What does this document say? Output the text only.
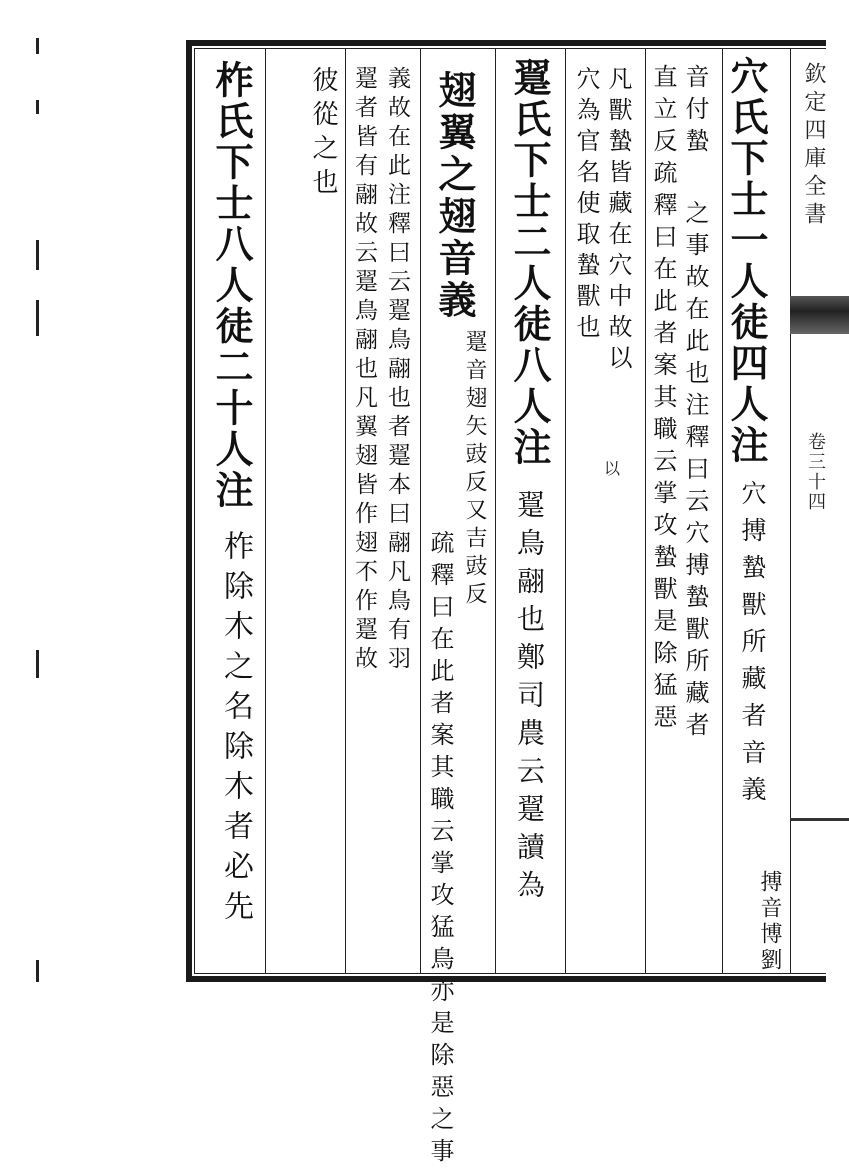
欽定四庫全書
卷三十四
穴氏下士一人徒四人注
穴搏蟄獸所藏者音義
搏音博劉
音付蟄
直立反疏釋曰在此者案其職云掌攻蟄獸是除猛惡 之事故在此也注釋曰云穴搏蟄獸所藏者
凡獸蟄皆藏在穴中故以
穴為官名使取蟄獸也
以
翨氏下士二人徒八人注
翨鳥翮也鄭司農云翨讀為
翅翼之翅音義
翨音翅矢豉反又吉豉反
疏釋曰在此者案其職云掌攻猛鳥亦是除惡之事
義故在此注釋曰云翨鳥翮也者翨本曰翮凡鳥有羽
翨者皆有翮故云翨鳥翮也凡翼翅皆作翅不作翨故
彼從之也
柞氏下士八人徒二十人注
柞除木之名除木者必先
